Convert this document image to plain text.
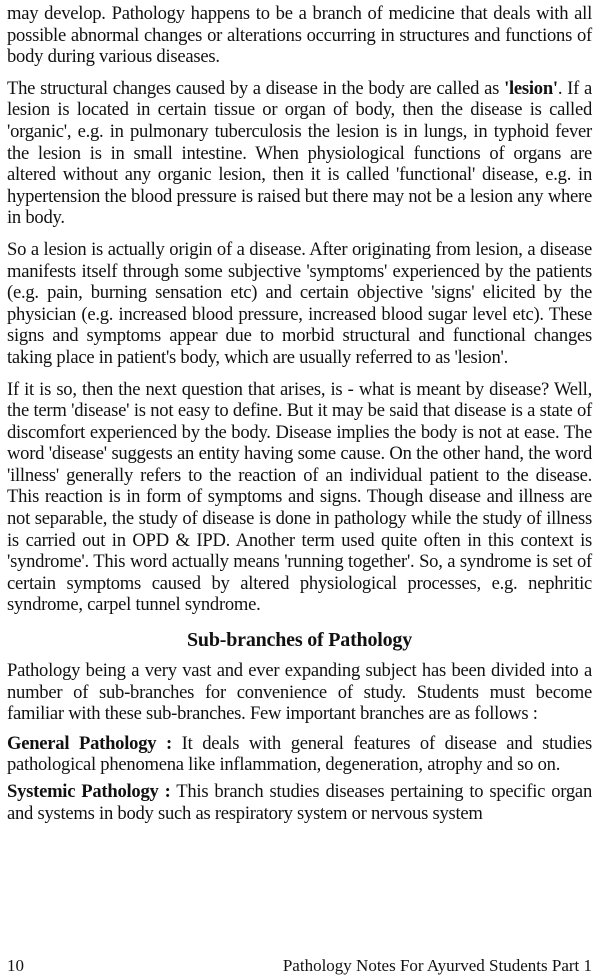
may develop. Pathology happens to be a branch of medicine that deals with all possible abnormal changes or alterations occurring in structures and functions of body during various diseases.

The structural changes caused by a disease in the body are called as 'lesion'. If a lesion is located in certain tissue or organ of body, then the disease is called 'organic', e.g. in pulmonary tuberculosis the lesion is in lungs, in typhoid fever the lesion is in small intestine. When physiological functions of organs are altered without any organic lesion, then it is called 'functional' disease, e.g. in hypertension the blood pressure is raised but there may not be a lesion any where in body.

So a lesion is actually origin of a disease. After originating from lesion, a disease manifests itself through some subjective 'symptoms' experienced by the patients (e.g. pain, burning sensation etc) and certain objective 'signs' elicited by the physician (e.g. increased blood pressure, increased blood sugar level etc). These signs and symptoms appear due to morbid structural and functional changes taking place in patient's body, which are usually referred to as 'lesion'.

If it is so, then the next question that arises, is - what is meant by disease? Well, the term 'disease' is not easy to define. But it may be said that disease is a state of discomfort experienced by the body. Disease implies the body is not at ease. The word 'disease' suggests an entity having some cause. On the other hand, the word 'illness' generally refers to the reaction of an individual patient to the disease. This reaction is in form of symptoms and signs. Though disease and illness are not separable, the study of disease is done in pathology while the study of illness is carried out in OPD & IPD. Another term used quite often in this context is 'syndrome'. This word actually means 'running together'. So, a syndrome is set of certain symptoms caused by altered physiological processes, e.g. nephritic syndrome, carpel tunnel syndrome.

Sub-branches of Pathology

Pathology being a very vast and ever expanding subject has been divided into a number of sub-branches for convenience of study. Students must become familiar with these sub-branches. Few important branches are as follows :

General Pathology : It deals with general features of disease and studies pathological phenomena like inflammation, degeneration, atrophy and so on.

Systemic Pathology : This branch studies diseases pertaining to specific organ and systems in body such as respiratory system or nervous system

10	Pathology Notes For Ayurved Students Part 1
